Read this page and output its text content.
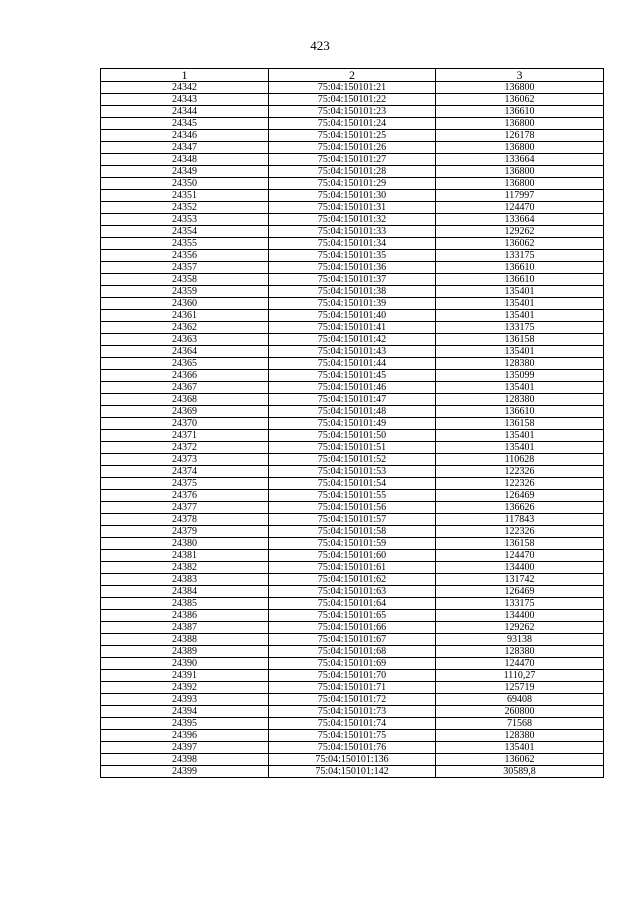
423
1	2	3
24342	75:04:150101:21	136800
24343	75:04:150101:22	136062
24344	75:04:150101:23	136610
24345	75:04:150101:24	136800
24346	75:04:150101:25	126178
24347	75:04:150101:26	136800
24348	75:04:150101:27	133664
24349	75:04:150101:28	136800
24350	75:04:150101:29	136800
24351	75:04:150101:30	117997
24352	75:04:150101:31	124470
24353	75:04:150101:32	133664
24354	75:04:150101:33	129262
24355	75:04:150101:34	136062
24356	75:04:150101:35	133175
24357	75:04:150101:36	136610
24358	75:04:150101:37	136610
24359	75:04:150101:38	135401
24360	75:04:150101:39	135401
24361	75:04:150101:40	135401
24362	75:04:150101:41	133175
24363	75:04:150101:42	136158
24364	75:04:150101:43	135401
24365	75:04:150101:44	128380
24366	75:04:150101:45	135099
24367	75:04:150101:46	135401
24368	75:04:150101:47	128380
24369	75:04:150101:48	136610
24370	75:04:150101:49	136158
24371	75:04:150101:50	135401
24372	75:04:150101:51	135401
24373	75:04:150101:52	110628
24374	75:04:150101:53	122326
24375	75:04:150101:54	122326
24376	75:04:150101:55	126469
24377	75:04:150101:56	136626
24378	75:04:150101:57	117843
24379	75:04:150101:58	122326
24380	75:04:150101:59	136158
24381	75:04:150101:60	124470
24382	75:04:150101:61	134400
24383	75:04:150101:62	131742
24384	75:04:150101:63	126469
24385	75:04:150101:64	133175
24386	75:04:150101:65	134400
24387	75:04:150101:66	129262
24388	75:04:150101:67	93138
24389	75:04:150101:68	128380
24390	75:04:150101:69	124470
24391	75:04:150101:70	1110,27
24392	75:04:150101:71	125719
24393	75:04:150101:72	69408
24394	75:04:150101:73	260800
24395	75:04:150101:74	71568
24396	75:04:150101:75	128380
24397	75:04:150101:76	135401
24398	75:04:150101:136	136062
24399	75:04:150101:142	30589,8
